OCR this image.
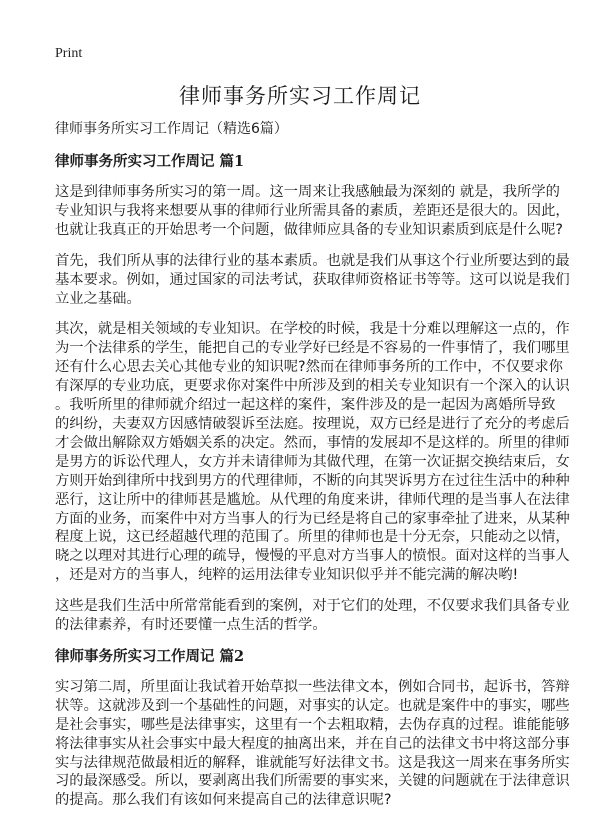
Print
律师事务所实习工作周记
律师事务所实习工作周记（精选6篇）
律师事务所实习工作周记 篇1
这是到律师事务所实习的第一周。这一周来让我感触最为深刻的 就是，我所学的
专业知识与我将来想要从事的律师行业所需具备的素质，差距还是很大的。因此，
也就让我真正的开始思考一个问题，做律师应具备的专业知识素质到底是什么呢?
首先，我们所从事的法律行业的基本素质。也就是我们从事这个行业所要达到的最
基本要求。例如，通过国家的司法考试，获取律师资格证书等等。这可以说是我们
立业之基础。
其次，就是相关领域的专业知识。在学校的时候，我是十分难以理解这一点的，作
为一个法律系的学生，能把自己的专业学好已经是不容易的一件事情了，我们哪里
还有什么心思去关心其他专业的知识呢?然而在律师事务所的工作中，不仅要求你
有深厚的专业功底，更要求你对案件中所涉及到的相关专业知识有一个深入的认识
。我听所里的律师就介绍过一起这样的案件，案件涉及的是一起因为离婚所导致
的纠纷，夫妻双方因感情破裂诉至法庭。按理说，双方已经是进行了充分的考虑后
才会做出解除双方婚姻关系的决定。然而，事情的发展却不是这样的。所里的律师
是男方的诉讼代理人，女方并未请律师为其做代理，在第一次证据交换结束后，女
方则开始到律所中找到男方的代理律师，不断的向其哭诉男方在过往生活中的种种
恶行，这让所中的律师甚是尴尬。从代理的角度来讲，律师代理的是当事人在法律
方面的业务，而案件中对方当事人的行为已经是将自己的家事牵扯了进来，从某种
程度上说，这已经超越代理的范围了。所里的律师也是十分无奈，只能动之以情，
晓之以理对其进行心理的疏导，慢慢的平息对方当事人的愤恨。面对这样的当事人
，还是对方的当事人，纯粹的运用法律专业知识似乎并不能完满的解决哟!
这些是我们生活中所常常能看到的案例，对于它们的处理，不仅要求我们具备专业
的法律素养，有时还要懂一点生活的哲学。
律师事务所实习工作周记 篇2
实习第二周，所里面让我试着开始草拟一些法律文本，例如合同书，起诉书，答辩
状等。这就涉及到一个基础性的问题，对事实的认定。也就是案件中的事实，哪些
是社会事实，哪些是法律事实，这里有一个去粗取精，去伪存真的过程。谁能能够
将法律事实从社会事实中最大程度的抽离出来，并在自己的法律文书中将这部分事
实与法律规范做最相近的解释，谁就能写好法律文书。这是我这一周来在事务所实
习的最深感受。所以，要剥离出我们所需要的事实来，关键的问题就在于法律意识
的提高。那么我们有该如何来提高自己的法律意识呢?
